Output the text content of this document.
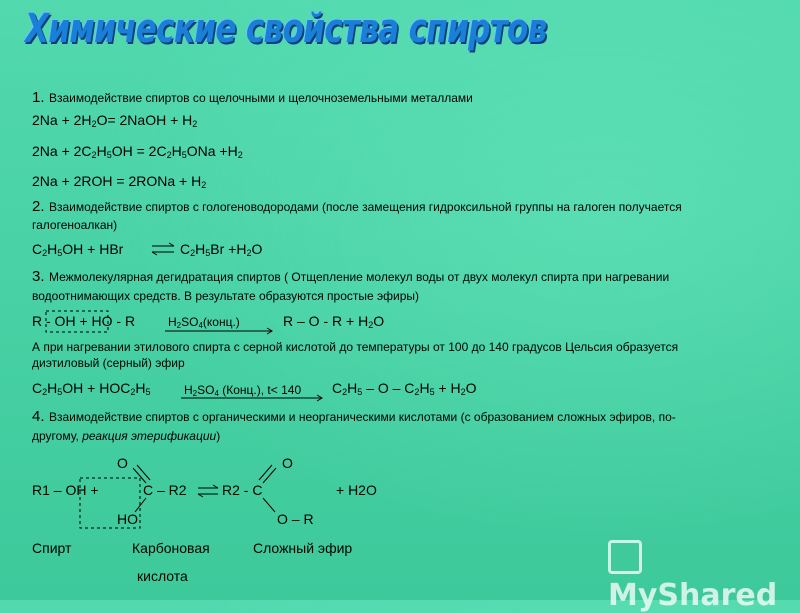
Химические свойства спиртов
1. Взаимодействие спиртов со щелочными и щелочноземельными металлами
$2Na + 2H_2O=$ 2NaOH + $H_2$
$2Na + 2C_2H_5OH = 2C_2H_5ONa +H_2$
2Na + 2ROH = 2RONa + $H_2$
2. Взаимодействие спиртов с гологеноводородами (после замещения гидроксильной группы на галоген получается
галогеноалкан)
$C_2H_5OH$ + HBr	$C_2H_5Br +H_2O$
3. Межмолекулярная дегидратация спиртов ( Отщепление молекул воды от двух молекул спирта при нагревании
водоотнимающих средств. В результате образуются простые эфиры)
R - OH + HO - R	$H_2SO_4(конц.)$	$R - O - R + H_2O$
А при нагревании этилового спирта с серной кислотой до температуры от 100 до 140 градусов Цельсия образуется
диэтиловый (серный) эфир
$C_2H_5OH + HOC_2H_5$	$H_2SO_4$ (Конц.), t< 140 $C_2H_5 - O - C_2H_5 + H_2O$
4. Взаимодействие спиртов с органическими и неорганическими кислотами (с образованием сложных эфиров, по-
другому, реакция этерификации)
O	O
R1 – OH +	C – R2	R2 - C	+ H2O
HO	O – R
Спирт	Карбоновая	Сложный эфир
кислота
MyShared
